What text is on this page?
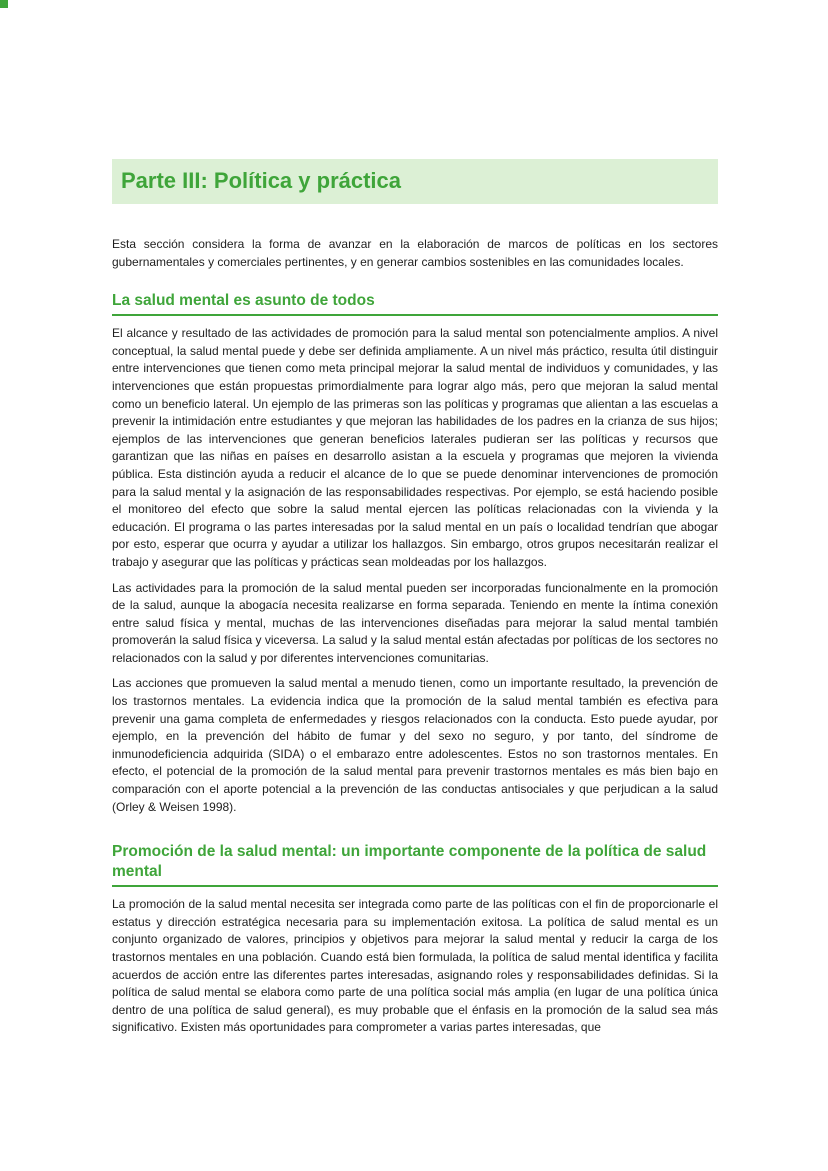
Parte III: Política y práctica

Esta sección considera la forma de avanzar en la elaboración de marcos de políticas en los sectores gubernamentales y comerciales pertinentes, y en generar cambios sostenibles en las comunidades locales.

La salud mental es asunto de todos

El alcance y resultado de las actividades de promoción para la salud mental son potencialmente amplios. A nivel conceptual, la salud mental puede y debe ser definida ampliamente. A un nivel más práctico, resulta útil distinguir entre intervenciones que tienen como meta principal mejorar la salud mental de individuos y comunidades, y las intervenciones que están propuestas primordialmente para lograr algo más, pero que mejoran la salud mental como un beneficio lateral. Un ejemplo de las primeras son las políticas y programas que alientan a las escuelas a prevenir la intimidación entre estudiantes y que mejoran las habilidades de los padres en la crianza de sus hijos; ejemplos de las intervenciones que generan beneficios laterales pudieran ser las políticas y recursos que garantizan que las niñas en países en desarrollo asistan a la escuela y programas que mejoren la vivienda pública. Esta distinción ayuda a reducir el alcance de lo que se puede denominar intervenciones de promoción para la salud mental y la asignación de las responsabilidades respectivas. Por ejemplo, se está haciendo posible el monitoreo del efecto que sobre la salud mental ejercen las políticas relacionadas con la vivienda y la educación. El programa o las partes interesadas por la salud mental en un país o localidad tendrían que abogar por esto, esperar que ocurra y ayudar a utilizar los hallazgos. Sin embargo, otros grupos necesitarán realizar el trabajo y asegurar que las políticas y prácticas sean moldeadas por los hallazgos.

Las actividades para la promoción de la salud mental pueden ser incorporadas funcionalmente en la promoción de la salud, aunque la abogacía necesita realizarse en forma separada. Teniendo en mente la íntima conexión entre salud física y mental, muchas de las intervenciones diseñadas para mejorar la salud mental también promoverán la salud física y viceversa. La salud y la salud mental están afectadas por políticas de los sectores no relacionados con la salud y por diferentes intervenciones comunitarias.

Las acciones que promueven la salud mental a menudo tienen, como un importante resultado, la prevención de los trastornos mentales. La evidencia indica que la promoción de la salud mental también es efectiva para prevenir una gama completa de enfermedades y riesgos relacionados con la conducta. Esto puede ayudar, por ejemplo, en la prevención del hábito de fumar y del sexo no seguro, y por tanto, del síndrome de inmunodeficiencia adquirida (SIDA) o el embarazo entre adolescentes. Estos no son trastornos mentales. En efecto, el potencial de la promoción de la salud mental para prevenir trastornos mentales es más bien bajo en comparación con el aporte potencial a la prevención de las conductas antisociales y que perjudican a la salud (Orley & Weisen 1998).

Promoción de la salud mental: un importante componente de la política de salud mental

La promoción de la salud mental necesita ser integrada como parte de las políticas con el fin de proporcionarle el estatus y dirección estratégica necesaria para su implementación exitosa. La política de salud mental es un conjunto organizado de valores, principios y objetivos para mejorar la salud mental y reducir la carga de los trastornos mentales en una población. Cuando está bien formulada, la política de salud mental identifica y facilita acuerdos de acción entre las diferentes partes interesadas, asignando roles y responsabilidades definidas. Si la política de salud mental se elabora como parte de una política social más amplia (en lugar de una política única dentro de una política de salud general), es muy probable que el énfasis en la promoción de la salud sea más significativo. Existen más oportunidades para comprometer a varias partes interesadas, que
